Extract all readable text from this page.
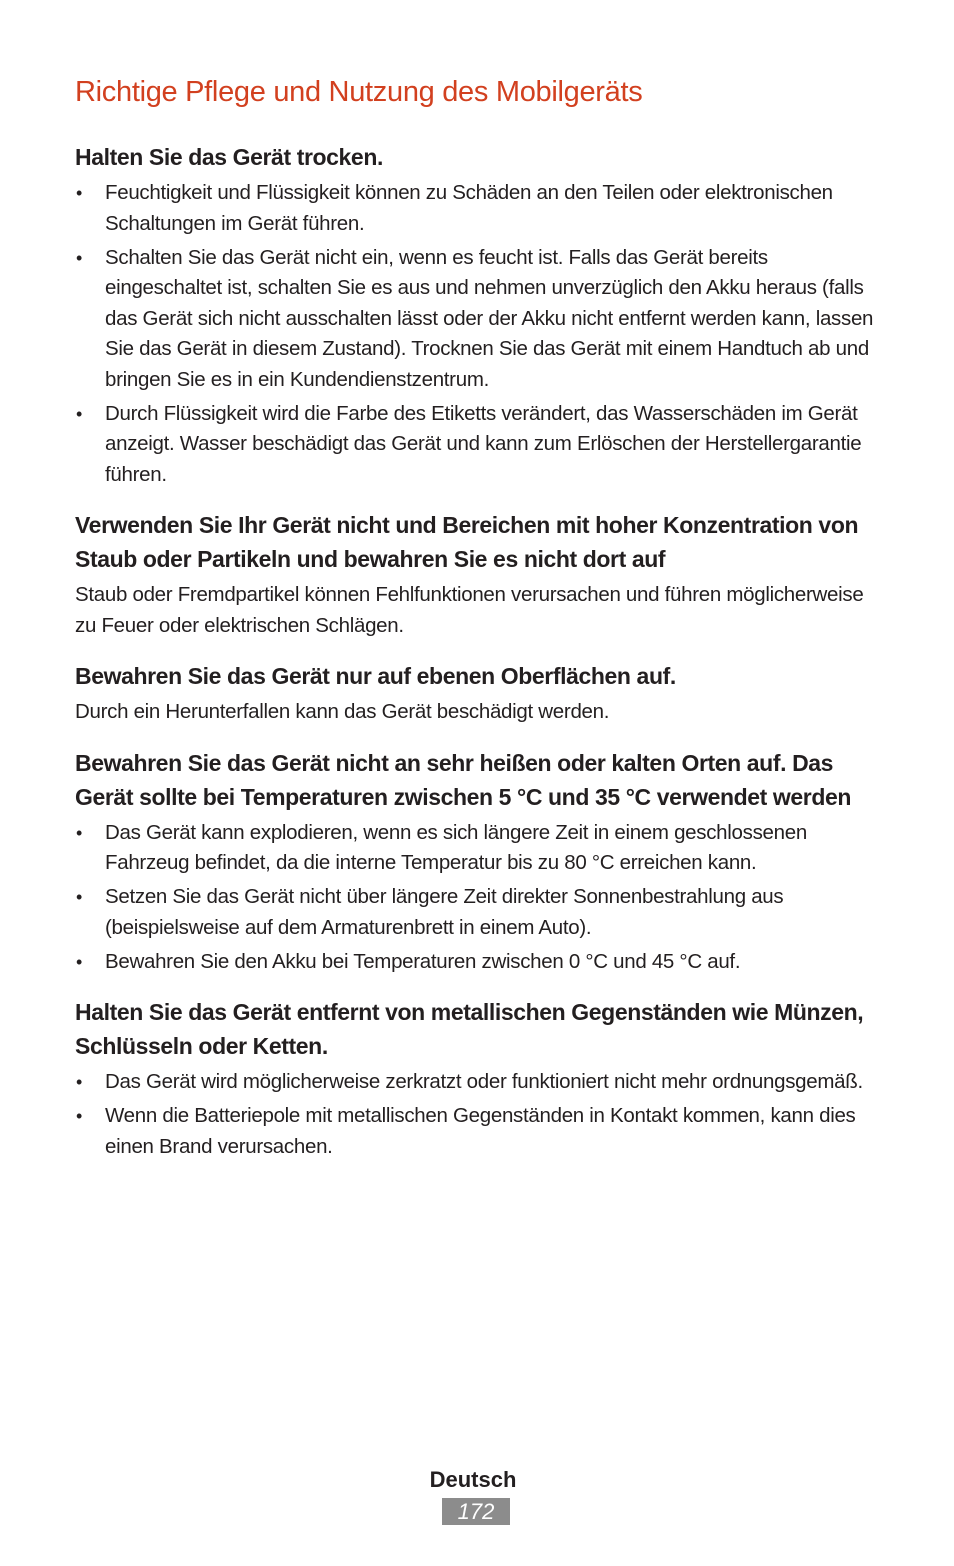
Richtige Pflege und Nutzung des Mobilgeräts
Halten Sie das Gerät trocken.
• Feuchtigkeit und Flüssigkeit können zu Schäden an den Teilen oder elektronischen Schaltungen im Gerät führen.
• Schalten Sie das Gerät nicht ein, wenn es feucht ist. Falls das Gerät bereits eingeschaltet ist, schalten Sie es aus und nehmen unverzüglich den Akku heraus (falls das Gerät sich nicht ausschalten lässt oder der Akku nicht entfernt werden kann, lassen Sie das Gerät in diesem Zustand). Trocknen Sie das Gerät mit einem Handtuch ab und bringen Sie es in ein Kundendienstzentrum.
• Durch Flüssigkeit wird die Farbe des Etiketts verändert, das Wasserschäden im Gerät anzeigt. Wasser beschädigt das Gerät und kann zum Erlöschen der Herstellergarantie führen.
Verwenden Sie Ihr Gerät nicht und Bereichen mit hoher Konzentration von Staub oder Partikeln und bewahren Sie es nicht dort auf

Staub oder Fremdpartikel können Fehlfunktionen verursachen und führen möglicherweise zu Feuer oder elektrischen Schlägen.

Bewahren Sie das Gerät nur auf ebenen Oberflächen auf.

Durch ein Herunterfallen kann das Gerät beschädigt werden.

Bewahren Sie das Gerät nicht an sehr heißen oder kalten Orten auf. Das Gerät sollte bei Temperaturen zwischen 5 °C und 35 °C verwendet werden
• Das Gerät kann explodieren, wenn es sich längere Zeit in einem geschlossenen Fahrzeug befindet, da die interne Temperatur bis zu 80 °C erreichen kann.
• Setzen Sie das Gerät nicht über längere Zeit direkter Sonnenbestrahlung aus (beispielsweise auf dem Armaturenbrett in einem Auto).
• Bewahren Sie den Akku bei Temperaturen zwischen 0 °C und 45 °C auf.
Halten Sie das Gerät entfernt von metallischen Gegenständen wie Münzen, Schlüsseln oder Ketten.
• Das Gerät wird möglicherweise zerkratzt oder funktioniert nicht mehr ordnungsgemäß.
• Wenn die Batteriepole mit metallischen Gegenständen in Kontakt kommen, kann dies einen Brand verursachen.
Deutsch
172
